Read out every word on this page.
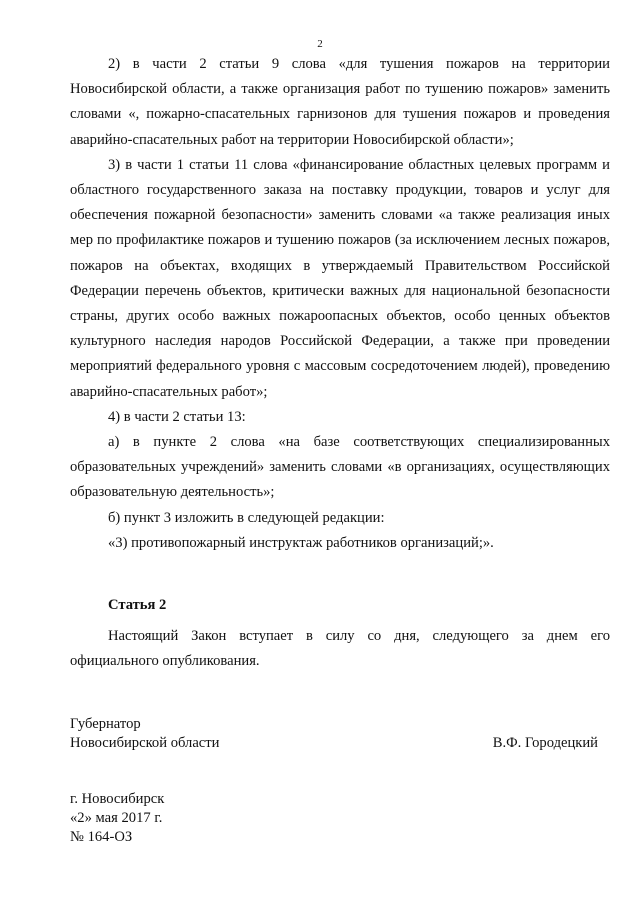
2

2) в части 2 статьи 9 слова «для тушения пожаров на территории Новосибирской области, а также организация работ по тушению пожаров» заменить словами «, пожарно-спасательных гарнизонов для тушения пожаров и проведения аварийно-спасательных работ на территории Новосибирской области»;

3) в части 1 статьи 11 слова «финансирование областных целевых программ и областного государственного заказа на поставку продукции, товаров и услуг для обеспечения пожарной безопасности» заменить словами «а также реализация иных мер по профилактике пожаров и тушению пожаров (за исключением лесных пожаров, пожаров на объектах, входящих в утверждаемый Правительством Российской Федерации перечень объектов, критически важных для национальной безопасности страны, других особо важных пожароопасных объектов, особо ценных объектов культурного наследия народов Российской Федерации, а также при проведении мероприятий федерального уровня с массовым сосредоточением людей), проведению аварийно-спасательных работ»;

4) в части 2 статьи 13:

а) в пункте 2 слова «на базе соответствующих специализированных образовательных учреждений» заменить словами «в организациях, осуществляющих образовательную деятельность»;

б) пункт 3 изложить в следующей редакции:

«3) противопожарный инструктаж работников организаций;».

Статья 2

Настоящий Закон вступает в силу со дня, следующего за днем его официального опубликования.

Губернатор

Новосибирской области	В.Ф. Городецкий

г. Новосибирск
«2» мая 2017 г.
№ 164-ОЗ
